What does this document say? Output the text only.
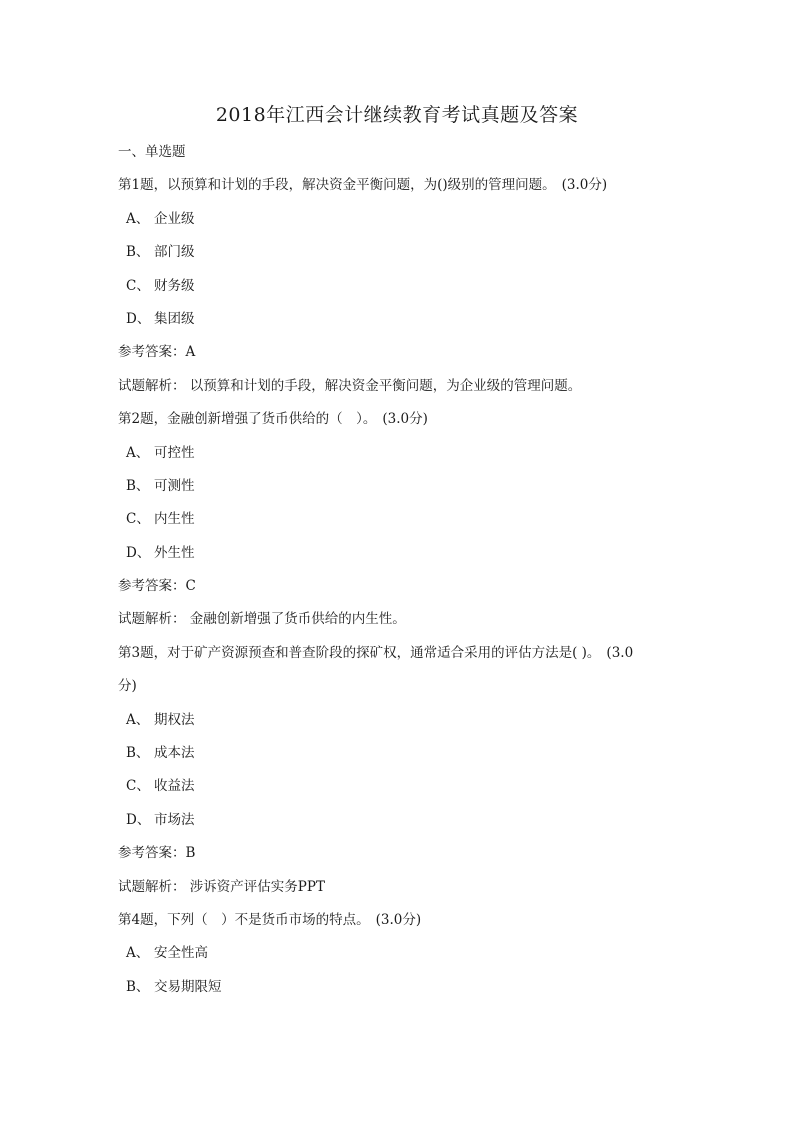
2018年江西会计继续教育考试真题及答案
一、单选题
第1题，以预算和计划的手段，解决资金平衡问题，为()级别的管理问题。 (3.0分)
A、 企业级
B、 部门级
C、 财务级
D、 集团级
参考答案：A
试题解析： 以预算和计划的手段，解决资金平衡问题，为企业级的管理问题。
第2题，金融创新增强了货币供给的（　）。 (3.0分)
A、 可控性
B、 可测性
C、 内生性
D、 外生性
参考答案：C
试题解析： 金融创新增强了货币供给的内生性。
第3题，对于矿产资源预查和普查阶段的探矿权，通常适合采用的评估方法是( )。 (3.0
分)
A、 期权法
B、 成本法
C、 收益法
D、 市场法
参考答案：B
试题解析： 涉诉资产评估实务PPT
第4题，下列（　）不是货币市场的特点。 (3.0分)
A、 安全性高
B、 交易期限短
